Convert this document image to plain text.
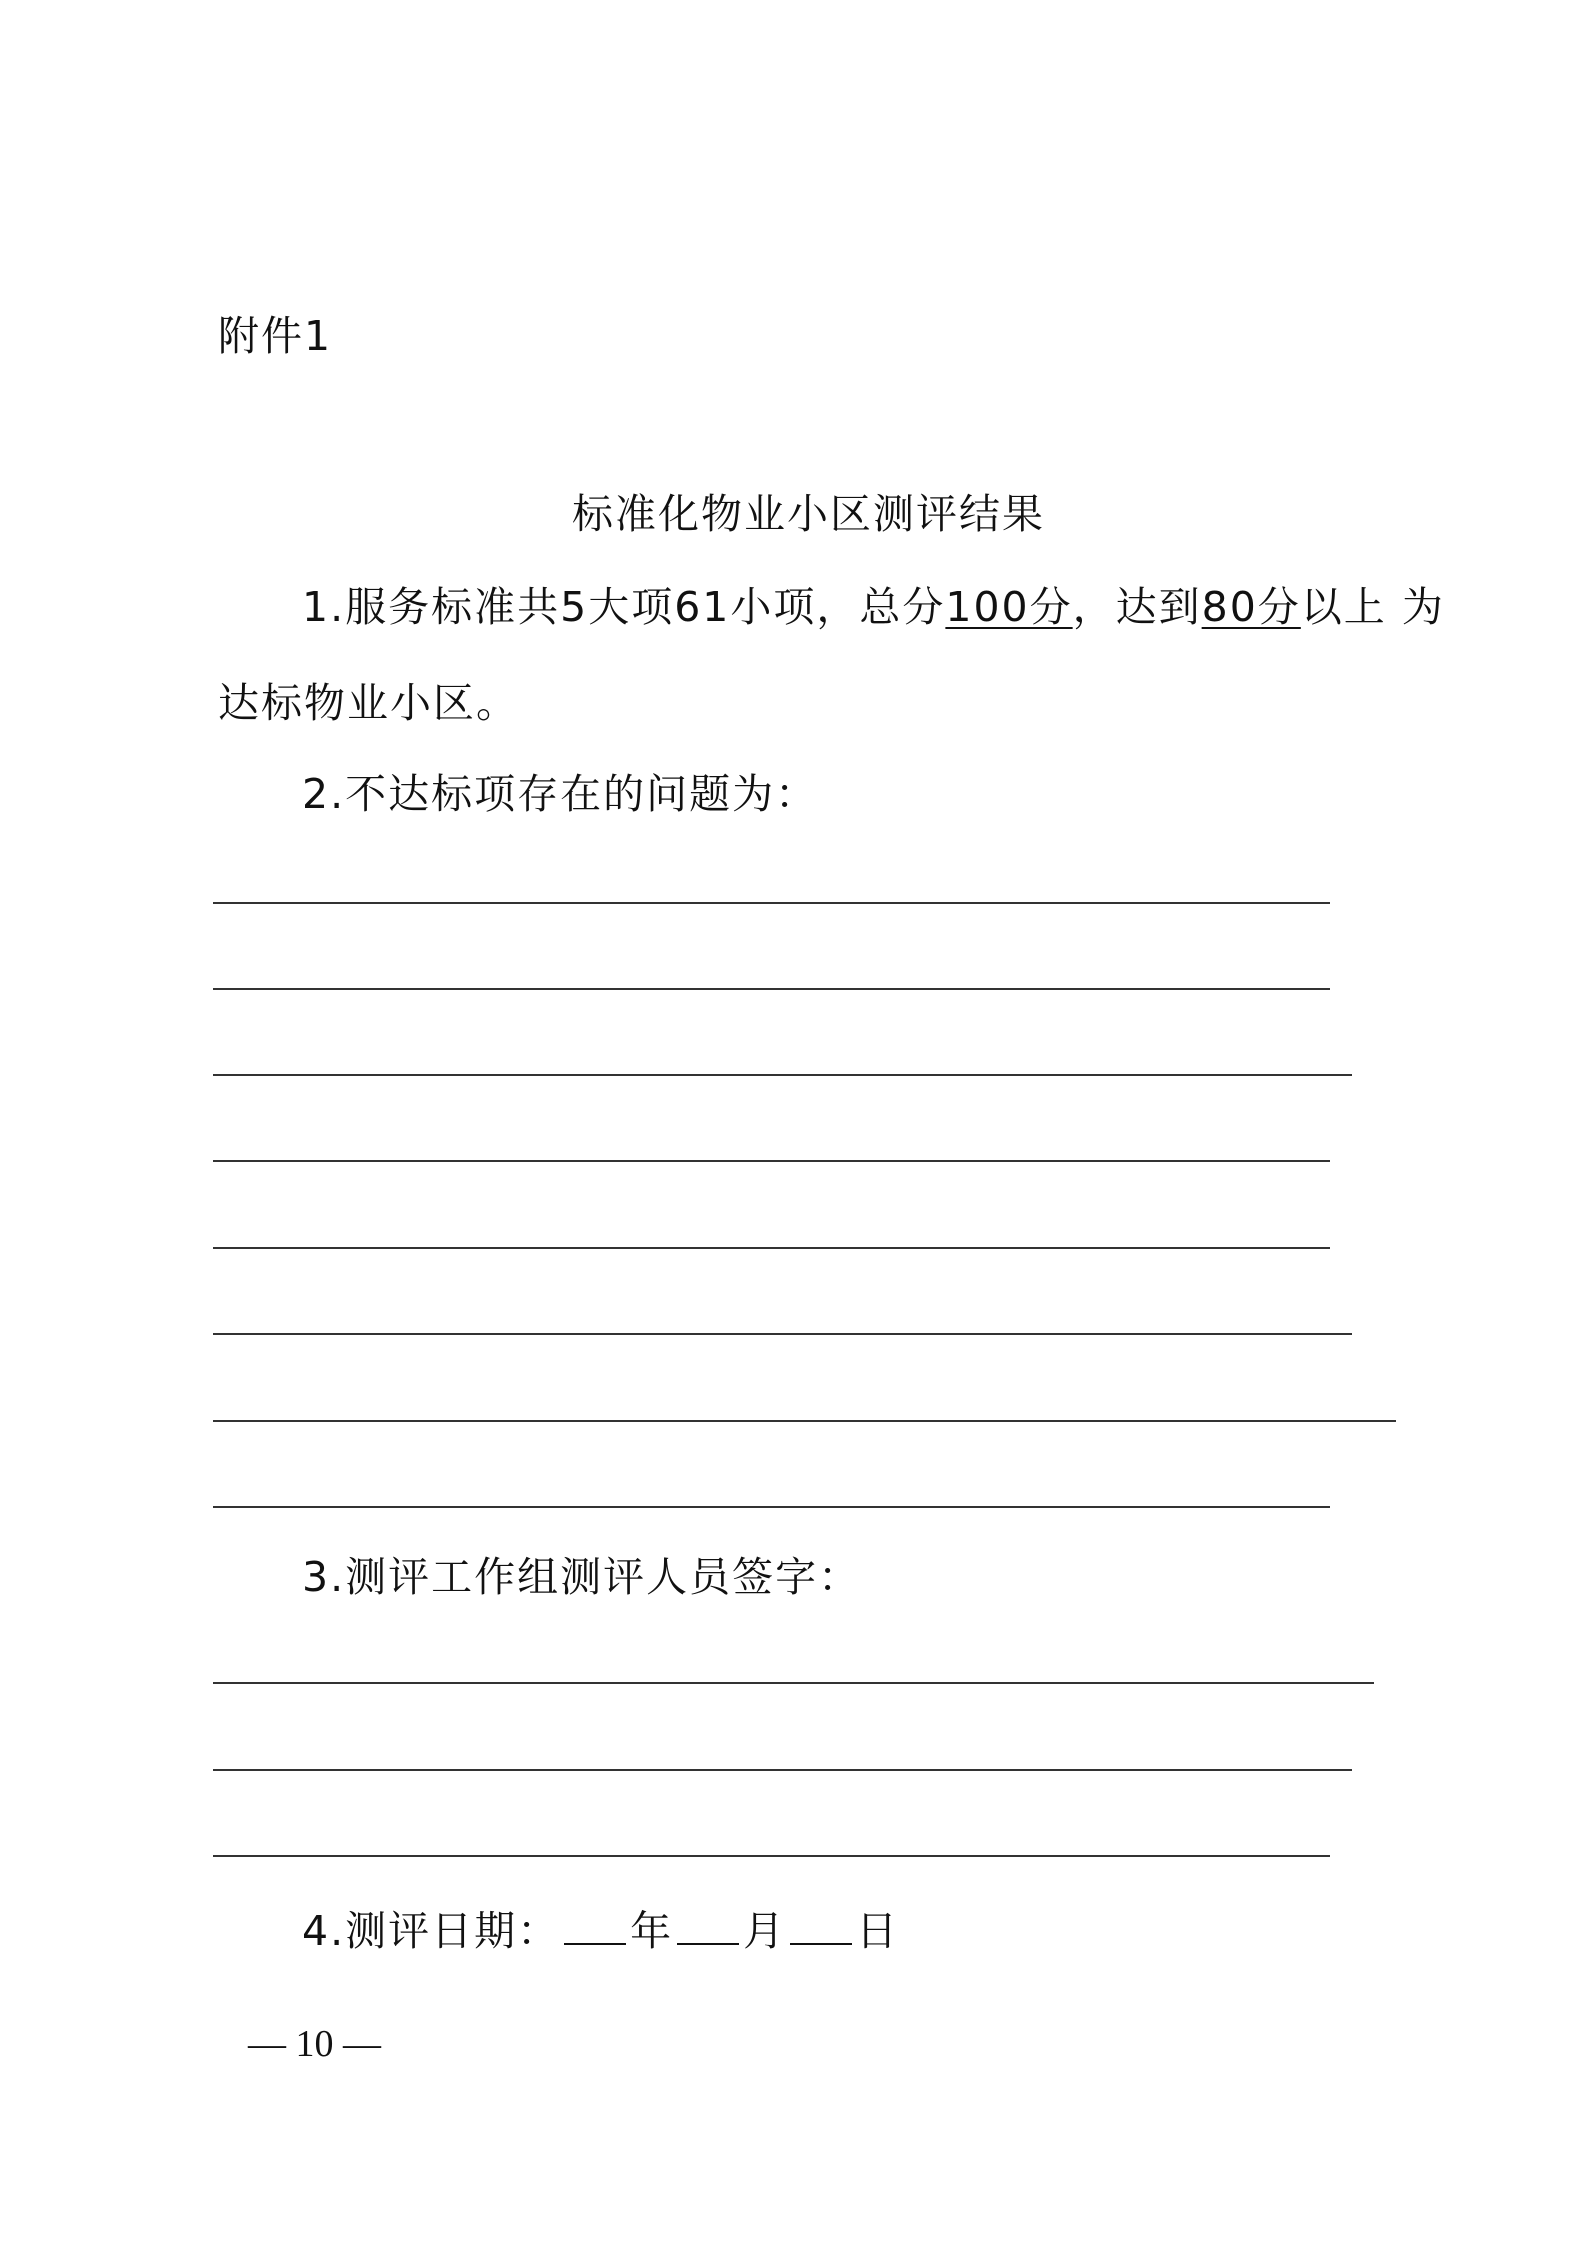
附件1
标准化物业小区测评结果
1.服务标准共5大项61小项，总分100分，达到80分以上 为
达标物业小区。
2.不达标项存在的问题为：
3.测评工作组测评人员签字：
4.测评日期： 年 月 日
— 10 —
